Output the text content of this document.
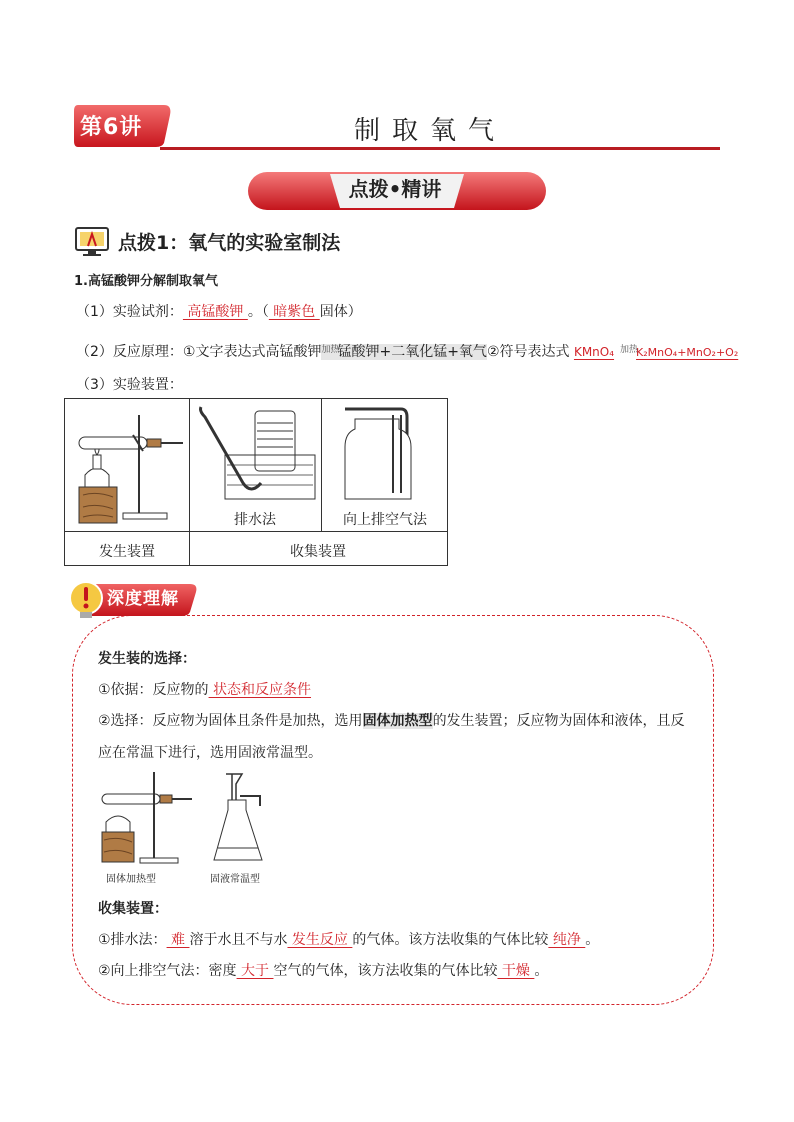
第6讲	制取氧气
点拨•精讲
点拨1：氧气的实验室制法
1.高锰酸钾分解制取氧气
（1）实验试剂： 高锰酸钾 。（ 暗紫色 固体）
（2）反应原理：①文字表达式高锰酸钾 加热
锰酸钾+二氧化锰+氧气②符号表达式 KMnO₄ 加热
K₂MnO₄+MnO₂+O₂
（3）实验装置：
排水法	向上排空气法
发生装置	收集装置
深度理解
发生装的选择：
①依据：反应物的 状态和反应条件
②选择：反应物为固体且条件是加热，选用固体加热型的发生装置；反应物为固体和液体，且反
应在常温下进行，选用固液常温型。
固体加热型	固液常温型
收集装置：
①排水法： 难 溶于水且不与水 发生反应 的气体。该方法收集的气体比较 纯净 。
②向上排空气法：密度 大于 空气的气体，该方法收集的气体比较 干燥 。
